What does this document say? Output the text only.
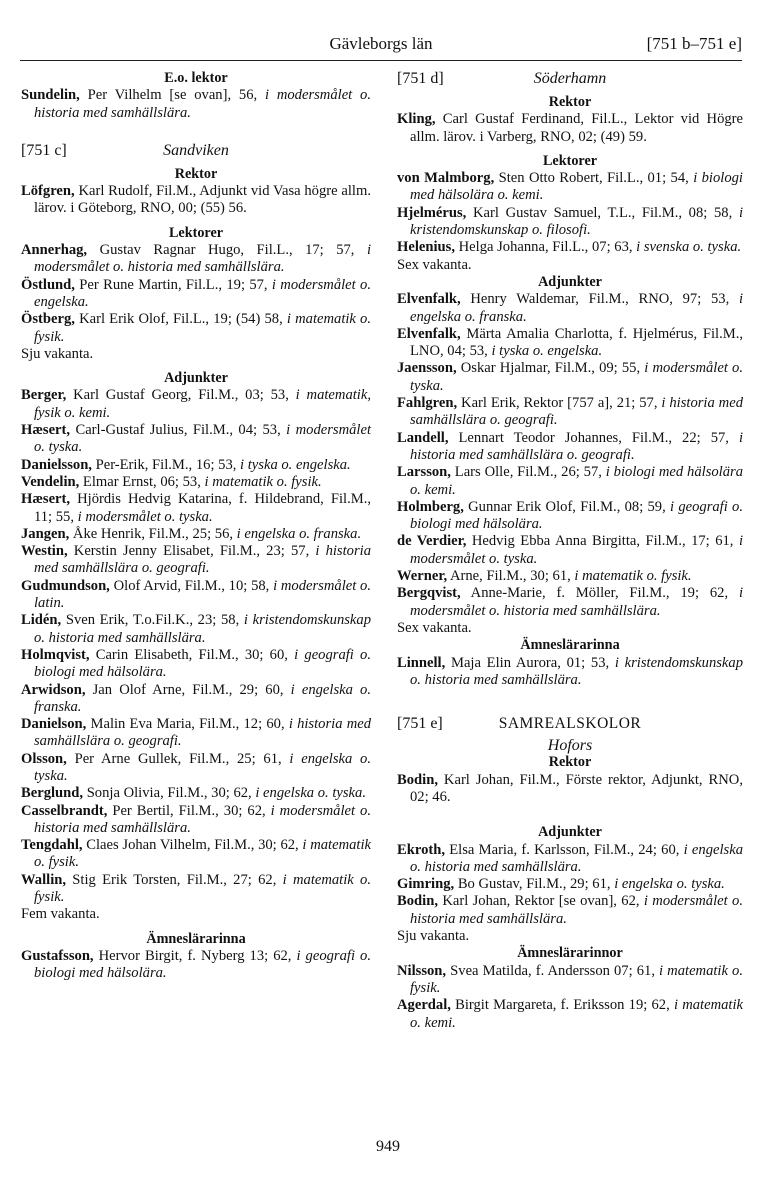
Gävleborgs län	[751 b–751 e]
E.o. lektor
Sundelin, Per Vilhelm [se ovan], 56, i modersmålet o. historia med samhällslära.
[751 c]	Sandviken
Rektor
Löfgren, Karl Rudolf, Fil.M., Adjunkt vid Vasa högre allm. lärov. i Göteborg, RNO, 00; (55) 56.
Lektorer
Annerhag, Gustav Ragnar Hugo, Fil.L., 17; 57, i modersmålet o. historia med samhällslära.
Östlund, Per Rune Martin, Fil.L., 19; 57, i modersmålet o. engelska.
Östberg, Karl Erik Olof, Fil.L., 19; (54) 58, i matematik o. fysik.
Sju vakanta.
Adjunkter
Berger, Karl Gustaf Georg, Fil.M., 03; 53, i matematik, fysik o. kemi.
Hæsert, Carl-Gustaf Julius, Fil.M., 04; 53, i modersmålet o. tyska.
Danielsson, Per-Erik, Fil.M., 16; 53, i tyska o. engelska.
Vendelin, Elmar Ernst, 06; 53, i matematik o. fysik.
Hæsert, Hjördis Hedvig Katarina, f. Hildebrand, Fil.M., 11; 55, i modersmålet o. tyska.
Jangen, Åke Henrik, Fil.M., 25; 56, i engelska o. franska.
Westin, Kerstin Jenny Elisabet, Fil.M., 23; 57, i historia med samhällslära o. geografi.
Gudmundson, Olof Arvid, Fil.M., 10; 58, i modersmålet o. latin.
Lidén, Sven Erik, T.o.Fil.K., 23; 58, i kristendomskunskap o. historia med samhällslära.
Holmqvist, Carin Elisabeth, Fil.M., 30; 60, i geografi o. biologi med hälsolära.
Arwidson, Jan Olof Arne, Fil.M., 29; 60, i engelska o. franska.
Danielson, Malin Eva Maria, Fil.M., 12; 60, i historia med samhällslära o. geografi.
Olsson, Per Arne Gullek, Fil.M., 25; 61, i engelska o. tyska.
Berglund, Sonja Olivia, Fil.M., 30; 62, i engelska o. tyska.
Casselbrandt, Per Bertil, Fil.M., 30; 62, i modersmålet o. historia med samhällslära.
Tengdahl, Claes Johan Vilhelm, Fil.M., 30; 62, i matematik o. fysik.
Wallin, Stig Erik Torsten, Fil.M., 27; 62, i matematik o. fysik.
Fem vakanta.
Ämneslärarinna
Gustafsson, Hervor Birgit, f. Nyberg 13; 62, i geografi o. biologi med hälsolära.
[751 d]	Söderhamn
Rektor
Kling, Carl Gustaf Ferdinand, Fil.L., Lektor vid Högre allm. lärov. i Varberg, RNO, 02; (49) 59.
Lektorer
von Malmborg, Sten Otto Robert, Fil.L., 01; 54, i biologi med hälsolära o. kemi.
Hjelmérus, Karl Gustav Samuel, T.L., Fil.M., 08; 58, i kristendomskunskap o. filosofi.
Helenius, Helga Johanna, Fil.L., 07; 63, i svenska o. tyska.
Sex vakanta.
Adjunkter
Elvenfalk, Henry Waldemar, Fil.M., RNO, 97; 53, i engelska o. franska.
Elvenfalk, Märta Amalia Charlotta, f. Hjelmérus, Fil.M., LNO, 04; 53, i tyska o. engelska.
Jaensson, Oskar Hjalmar, Fil.M., 09; 55, i modersmålet o. tyska.
Fahlgren, Karl Erik, Rektor [757 a], 21; 57, i historia med samhällslära o. geografi.
Landell, Lennart Teodor Johannes, Fil.M., 22; 57, i historia med samhällslära o. geografi.
Larsson, Lars Olle, Fil.M., 26; 57, i biologi med hälsolära o. kemi.
Holmberg, Gunnar Erik Olof, Fil.M., 08; 59, i geografi o. biologi med hälsolära.
de Verdier, Hedvig Ebba Anna Birgitta, Fil.M., 17; 61, i modersmålet o. tyska.
Werner, Arne, Fil.M., 30; 61, i matematik o. fysik.
Bergqvist, Anne-Marie, f. Möller, Fil.M., 19; 62, i modersmålet o. historia med samhällslära.
Sex vakanta.
Ämneslärarinna
Linnell, Maja Elin Aurora, 01; 53, i kristendomskunskap o. historia med samhällslära.
[751 e]	SAMREALSKOLOR
Hofors
Rektor
Bodin, Karl Johan, Fil.M., Förste rektor, Adjunkt, RNO, 02; 46.
Adjunkter
Ekroth, Elsa Maria, f. Karlsson, Fil.M., 24; 60, i engelska o. historia med samhällslära.
Gimring, Bo Gustav, Fil.M., 29; 61, i engelska o. tyska.
Bodin, Karl Johan, Rektor [se ovan], 62, i modersmålet o. historia med samhällslära.
Sju vakanta.
Ämneslärarinnor
Nilsson, Svea Matilda, f. Andersson 07; 61, i matematik o. fysik.
Agerdal, Birgit Margareta, f. Eriksson 19; 62, i matematik o. kemi.
949
